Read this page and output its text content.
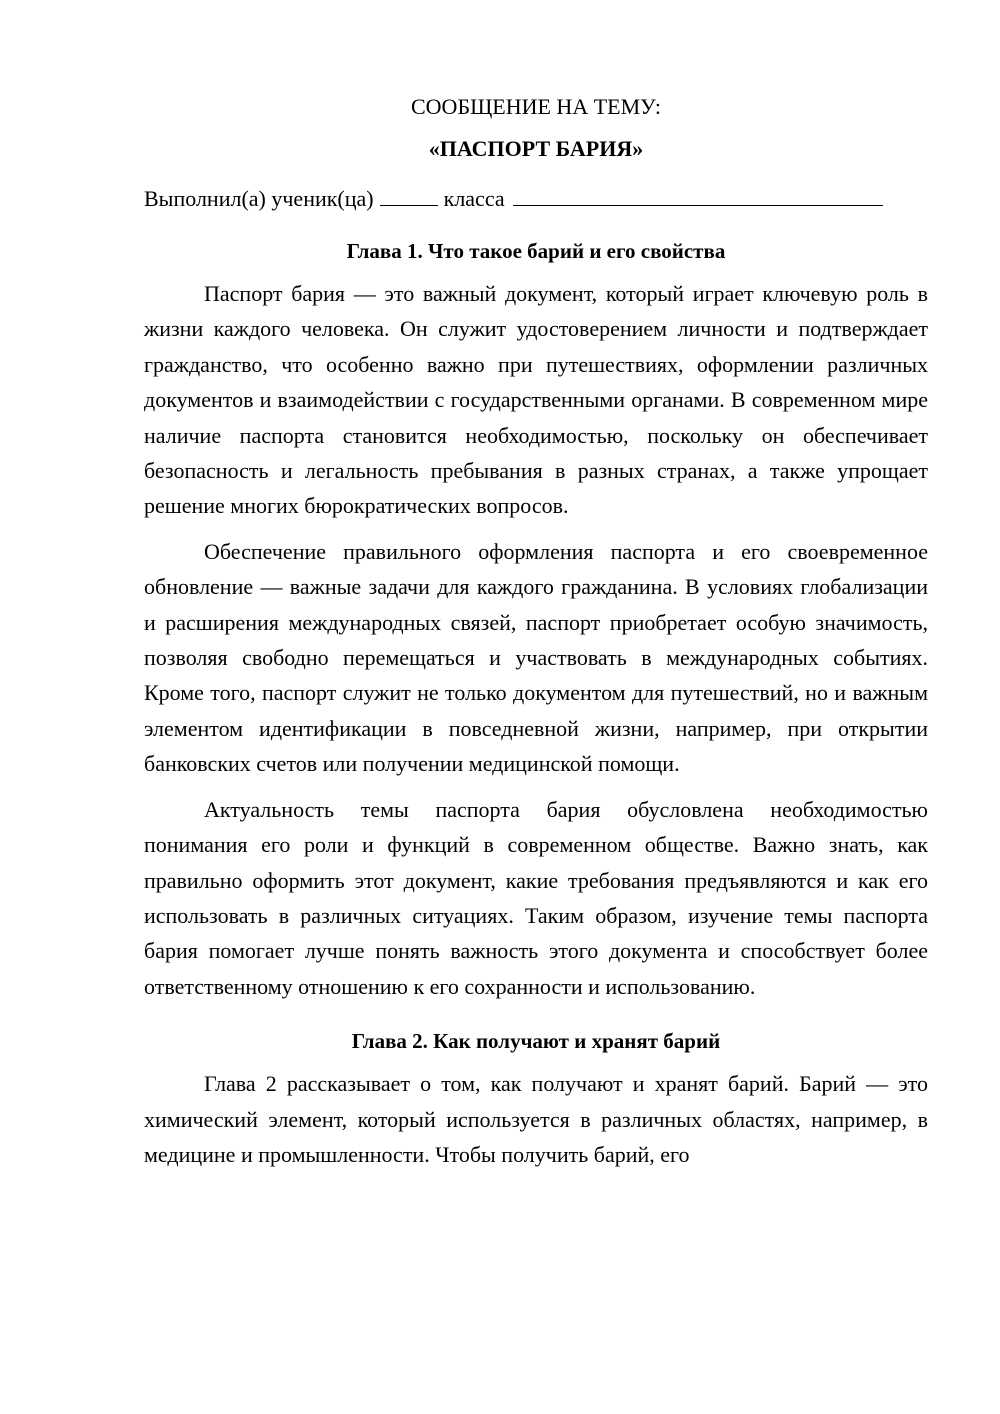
СООБЩЕНИЕ НА ТЕМУ:
«ПАСПОРТ БАРИЯ»
Выполнил(а) ученик(ца)	класса
Глава 1. Что такое барий и его свойства

Паспорт бария — это важный документ, который играет ключевую роль в жизни каждого человека. Он служит удостоверением личности и подтверждает гражданство, что особенно важно при путешествиях, оформлении различных документов и взаимодействии с государственными органами. В современном мире наличие паспорта становится необходимостью, поскольку он обеспечивает безопасность и легальность пребывания в разных странах, а также упрощает решение многих бюрократических вопросов.

Обеспечение правильного оформления паспорта и его своевременное обновление — важные задачи для каждого гражданина. В условиях глобализации и расширения международных связей, паспорт приобретает особую значимость, позволяя свободно перемещаться и участвовать в международных событиях. Кроме того, паспорт служит не только документом для путешествий, но и важным элементом идентификации в повседневной жизни, например, при открытии банковских счетов или получении медицинской помощи.

Актуальность темы паспорта бария обусловлена необходимостью понимания его роли и функций в современном обществе. Важно знать, как правильно оформить этот документ, какие требования предъявляются и как его использовать в различных ситуациях. Таким образом, изучение темы паспорта бария помогает лучше понять важность этого документа и способствует более ответственному отношению к его сохранности и использованию.

Глава 2. Как получают и хранят барий

Глава 2 рассказывает о том, как получают и хранят барий. Барий — это химический элемент, который используется в различных областях, например, в медицине и промышленности. Чтобы получить барий, его
